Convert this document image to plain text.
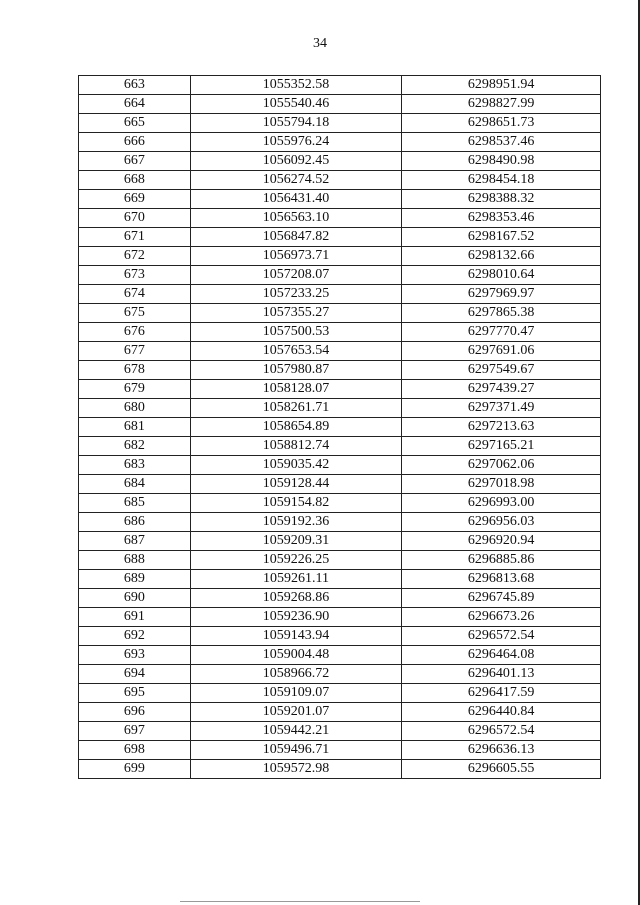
34
663	1055352.58	6298951.94
664	1055540.46	6298827.99
665	1055794.18	6298651.73
666	1055976.24	6298537.46
667	1056092.45	6298490.98
668	1056274.52	6298454.18
669	1056431.40	6298388.32
670	1056563.10	6298353.46
671	1056847.82	6298167.52
672	1056973.71	6298132.66
673	1057208.07	6298010.64
674	1057233.25	6297969.97
675	1057355.27	6297865.38
676	1057500.53	6297770.47
677	1057653.54	6297691.06
678	1057980.87	6297549.67
679	1058128.07	6297439.27
680	1058261.71	6297371.49
681	1058654.89	6297213.63
682	1058812.74	6297165.21
683	1059035.42	6297062.06
684	1059128.44	6297018.98
685	1059154.82	6296993.00
686	1059192.36	6296956.03
687	1059209.31	6296920.94
688	1059226.25	6296885.86
689	1059261.11	6296813.68
690	1059268.86	6296745.89
691	1059236.90	6296673.26
692	1059143.94	6296572.54
693	1059004.48	6296464.08
694	1058966.72	6296401.13
695	1059109.07	6296417.59
696	1059201.07	6296440.84
697	1059442.21	6296572.54
698	1059496.71	6296636.13
699	1059572.98	6296605.55
